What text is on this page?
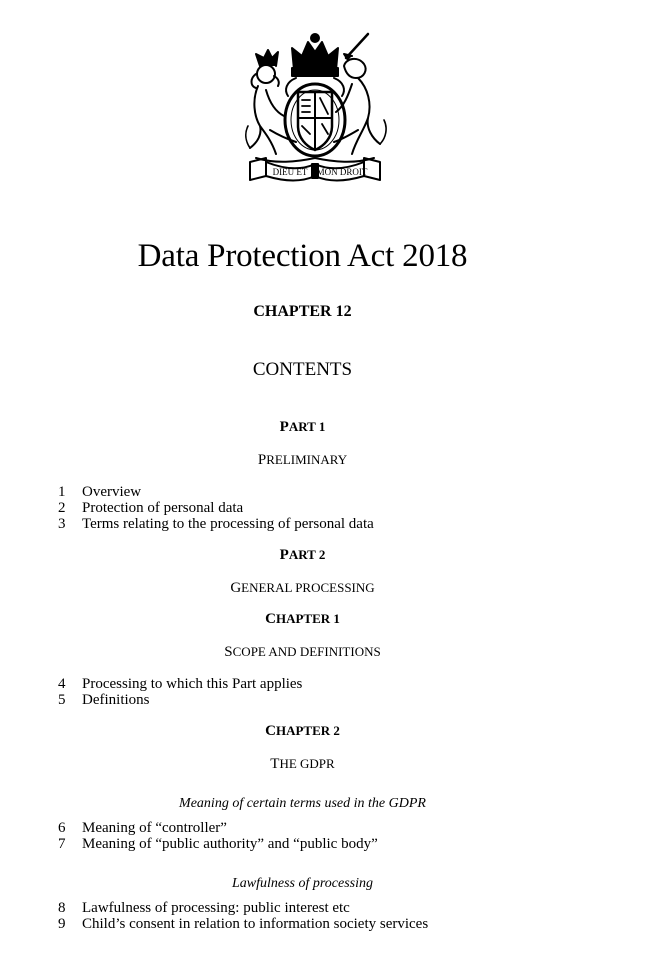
DIEU ET MON DROIT
Data Protection Act 2018
CHAPTER 12
CONTENTS
PART 1
PRELIMINARY
1 Overview
2 Protection of personal data
3 Terms relating to the processing of personal data
PART 2
GENERAL PROCESSING
CHAPTER 1
SCOPE AND DEFINITIONS
4 Processing to which this Part applies
5 Definitions
CHAPTER 2
THE GDPR
Meaning of certain terms used in the GDPR
6 Meaning of “controller”
7 Meaning of “public authority” and “public body”
Lawfulness of processing
8 Lawfulness of processing: public interest etc
9 Child’s consent in relation to information society services
